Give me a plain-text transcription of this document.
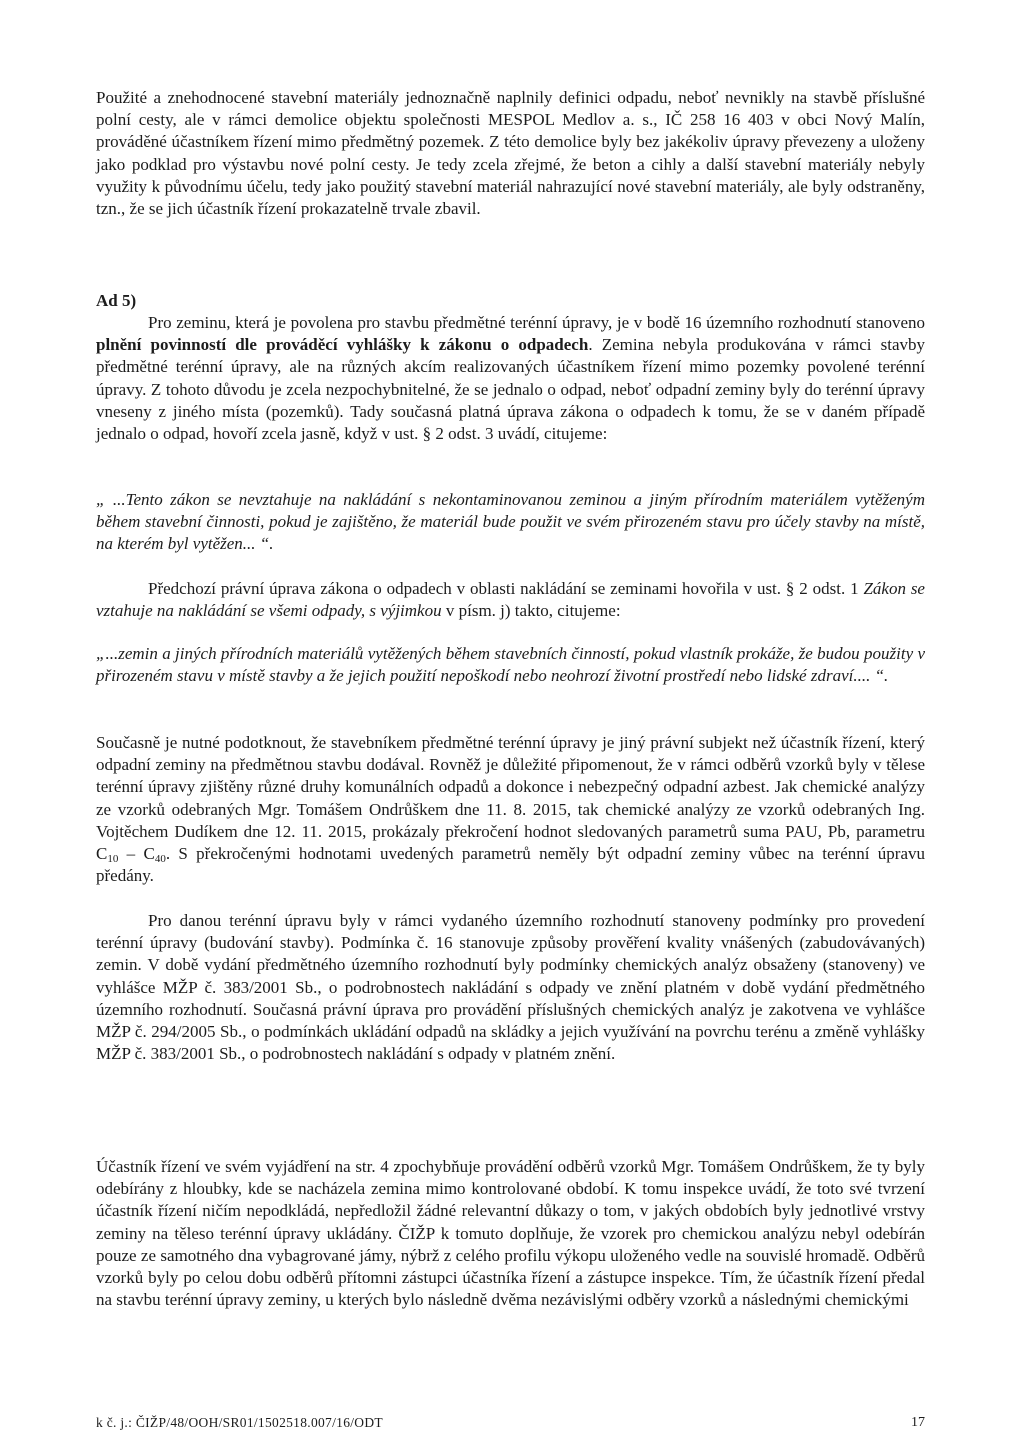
Použité a znehodnocené stavební materiály jednoznačně naplnily definici odpadu, neboť nevnikly na stavbě příslušné polní cesty, ale v rámci demolice objektu společnosti MESPOL Medlov a. s., IČ 258 16 403 v obci Nový Malín, prováděné účastníkem řízení mimo předmětný pozemek. Z této demolice byly bez jakékoliv úpravy převezeny a uloženy jako podklad pro výstavbu nové polní cesty. Je tedy zcela zřejmé, že beton a cihly a další stavební materiály nebyly využity k původnímu účelu, tedy jako použitý stavební materiál nahrazující nové stavební materiály, ale byly odstraněny, tzn., že se jich účastník řízení prokazatelně trvale zbavil.
Ad 5)
Pro zeminu, která je povolena pro stavbu předmětné terénní úpravy, je v bodě 16 územního rozhodnutí stanoveno plnění povinností dle prováděcí vyhlášky k zákonu o odpadech. Zemina nebyla produkována v rámci stavby předmětné terénní úpravy, ale na různých akcím realizovaných účastníkem řízení mimo pozemky povolené terénní úpravy. Z tohoto důvodu je zcela nezpochybnitelné, že se jednalo o odpad, neboť odpadní zeminy byly do terénní úpravy vneseny z jiného místa (pozemků). Tady současná platná úprava zákona o odpadech k tomu, že se v daném případě jednalo o odpad, hovoří zcela jasně, když v ust. § 2 odst. 3 uvádí, citujeme:
„ ...Tento zákon se nevztahuje na nakládání s nekontaminovanou zeminou a jiným přírodním materiálem vytěženým během stavební činnosti, pokud je zajištěno, že materiál bude použit ve svém přirozeném stavu pro účely stavby na místě, na kterém byl vytěžen... “.
Předchozí právní úprava zákona o odpadech v oblasti nakládání se zeminami hovořila v ust. § 2 odst. 1 Zákon se vztahuje na nakládání se všemi odpady, s výjimkou v písm. j) takto, citujeme:
„...zemin a jiných přírodních materiálů vytěžených během stavebních činností, pokud vlastník prokáže, že budou použity v přirozeném stavu v místě stavby a že jejich použití nepoškodí nebo neohrozí životní prostředí nebo lidské zdraví.... “.
Současně je nutné podotknout, že stavebníkem předmětné terénní úpravy je jiný právní subjekt než účastník řízení, který odpadní zeminy na předmětnou stavbu dodával. Rovněž je důležité připomenout, že v rámci odběrů vzorků byly v tělese terénní úpravy zjištěny různé druhy komunálních odpadů a dokonce i nebezpečný odpadní azbest. Jak chemické analýzy ze vzorků odebraných Mgr. Tomášem Ondrůškem dne 11. 8. 2015, tak chemické analýzy ze vzorků odebraných Ing. Vojtěchem Dudíkem dne 12. 11. 2015, prokázaly překročení hodnot sledovaných parametrů suma PAU, Pb, parametru $C_{10} - C_{40}$. S překročenými hodnotami uvedených parametrů neměly být odpadní zeminy vůbec na terénní úpravu předány.
Pro danou terénní úpravu byly v rámci vydaného územního rozhodnutí stanoveny podmínky pro provedení terénní úpravy (budování stavby). Podmínka č. 16 stanovuje způsoby prověření kvality vnášených (zabudovávaných) zemin. V době vydání předmětného územního rozhodnutí byly podmínky chemických analýz obsaženy (stanoveny) ve vyhlášce MŽP č. 383/2001 Sb., o podrobnostech nakládání s odpady ve znění platném v době vydání předmětného územního rozhodnutí. Současná právní úprava pro provádění příslušných chemických analýz je zakotvena ve vyhlášce MŽP č. 294/2005 Sb., o podmínkách ukládání odpadů na skládky a jejich využívání na povrchu terénu a změně vyhlášky MŽP č. 383/2001 Sb., o podrobnostech nakládání s odpady v platném znění.
Účastník řízení ve svém vyjádření na str. 4 zpochybňuje provádění odběrů vzorků Mgr. Tomášem Ondrůškem, že ty byly odebírány z hloubky, kde se nacházela zemina mimo kontrolované období. K tomu inspekce uvádí, že toto své tvrzení účastník řízení ničím nepodkládá, nepředložil žádné relevantní důkazy o tom, v jakých obdobích byly jednotlivé vrstvy zeminy na těleso terénní úpravy ukládány. ČIŽP k tomuto doplňuje, že vzorek pro chemickou analýzu nebyl odebírán pouze ze samotného dna vybagrované jámy, nýbrž z celého profilu výkopu uloženého vedle na souvislé hromadě. Odběrů vzorků byly po celou dobu odběrů přítomni zástupci účastníka řízení a zástupce inspekce. Tím, že účastník řízení předal na stavbu terénní úpravy zeminy, u kterých bylo následně dvěma nezávislými odběry vzorků a následnými chemickými
k č. j.: ČIŽP/48/OOH/SR01/1502518.007/16/ODT	17
